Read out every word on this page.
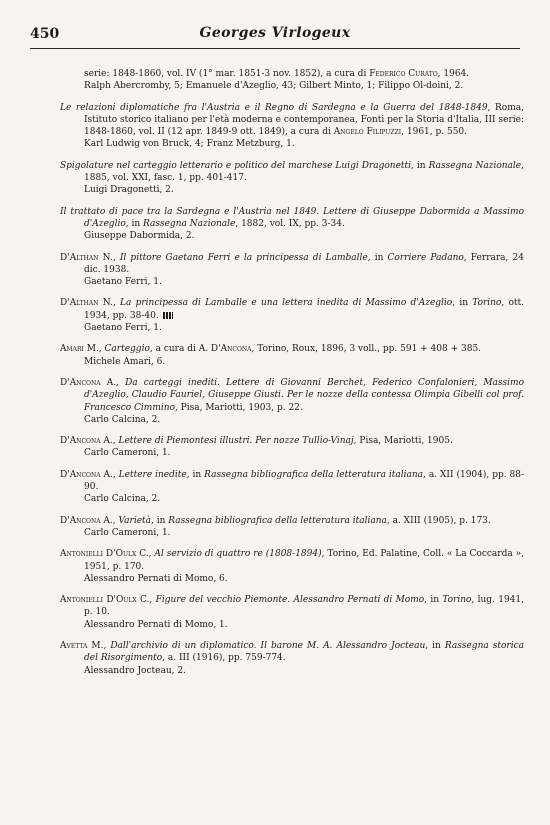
450	Georges Virlogeux

serie: 1848-1860, vol. IV (1° mar. 1851-3 nov. 1852), a cura di Federico Curato, 1964.

Ralph Abercromby, 5; Emanuele d'Azeglio, 43; Gilbert Minto, 1; Filippo Ol-doini, 2.

Le relazioni diplomatiche fra l'Austria e il Regno di Sardegna e la Guerra del 1848-1849, Roma, Istituto storico italiano per l'età moderna e contemporanea, Fonti per la Storia d'Italia, III serie: 1848-1860, vol. II (12 apr. 1849-9 ott. 1849), a cura di Angelo Filipuzzi, 1961, p. 550.

Karl Ludwig von Bruck, 4; Franz Metzburg, 1.

Spigolature nel carteggio letterario e politico del marchese Luigi Dragonetti, in Rassegna Nazionale, 1885, vol. XXI, fasc. 1, pp. 401-417.

Luigi Dragonetti, 2.

Il trattato di pace tra la Sardegna e l'Austria nel 1849. Lettere di Giuseppe Dabormida a Massimo d'Azeglio, in Rassegna Nazionale, 1882, vol. IX, pp. 3-34.

Giuseppe Dabormida, 2.

D'Althan N., Il pittore Gaetano Ferri e la principessa di Lamballe, in Corriere Padano, Ferrara, 24 dic. 1938.

Gaetano Ferri, 1.

D'Althan N., La principessa di Lamballe e una lettera inedita di Massimo d'Azeglio, in Torino, ott. 1934, pp. 38-40.

Gaetano Ferri, 1.

Amari M., Carteggio, a cura di A. D'Ancona, Torino, Roux, 1896, 3 voll., pp. 591 + 408 + 385.

Michele Amari, 6.

D'Ancona A., Da carteggi inediti. Lettere di Giovanni Berchet, Federico Confalonieri, Massimo d'Azeglio, Claudio Fauriel, Giuseppe Giusti. Per le nozze della contessa Olimpia Gibelli col prof. Francesco Cimmino, Pisa, Mariotti, 1903, p. 22.

Carlo Calcina, 2.

D'Ancona A., Lettere di Piemontesi illustri. Per nozze Tullio-Vinaj, Pisa, Mariotti, 1905.

Carlo Cameroni, 1.

D'Ancona A., Lettere inedite, in Rassegna bibliografica della letteratura italiana, a. XII (1904), pp. 88-90.

Carlo Calcina, 2.

D'Ancona A., Varietà, in Rassegna bibliografica della letteratura italiana, a. XIII (1905), p. 173.

Carlo Cameroni, 1.

Antonielli D'Oulx C., Al servizio di quattro re (1808-1894), Torino, Ed. Palatine, Coll. « La Coccarda », 1951, p. 170.

Alessandro Pernati di Momo, 6.

Antonielli D'Oulx C., Figure del vecchio Piemonte. Alessandro Pernati di Momo, in Torino, lug. 1941, p. 10.

Alessandro Pernati di Momo, 1.

Avetta M., Dall'archivio di un diplomatico. Il barone M. A. Alessandro Jocteau, in Rassegna storica del Risorgimento, a. III (1916), pp. 759-774.

Alessandro Jocteau, 2.
